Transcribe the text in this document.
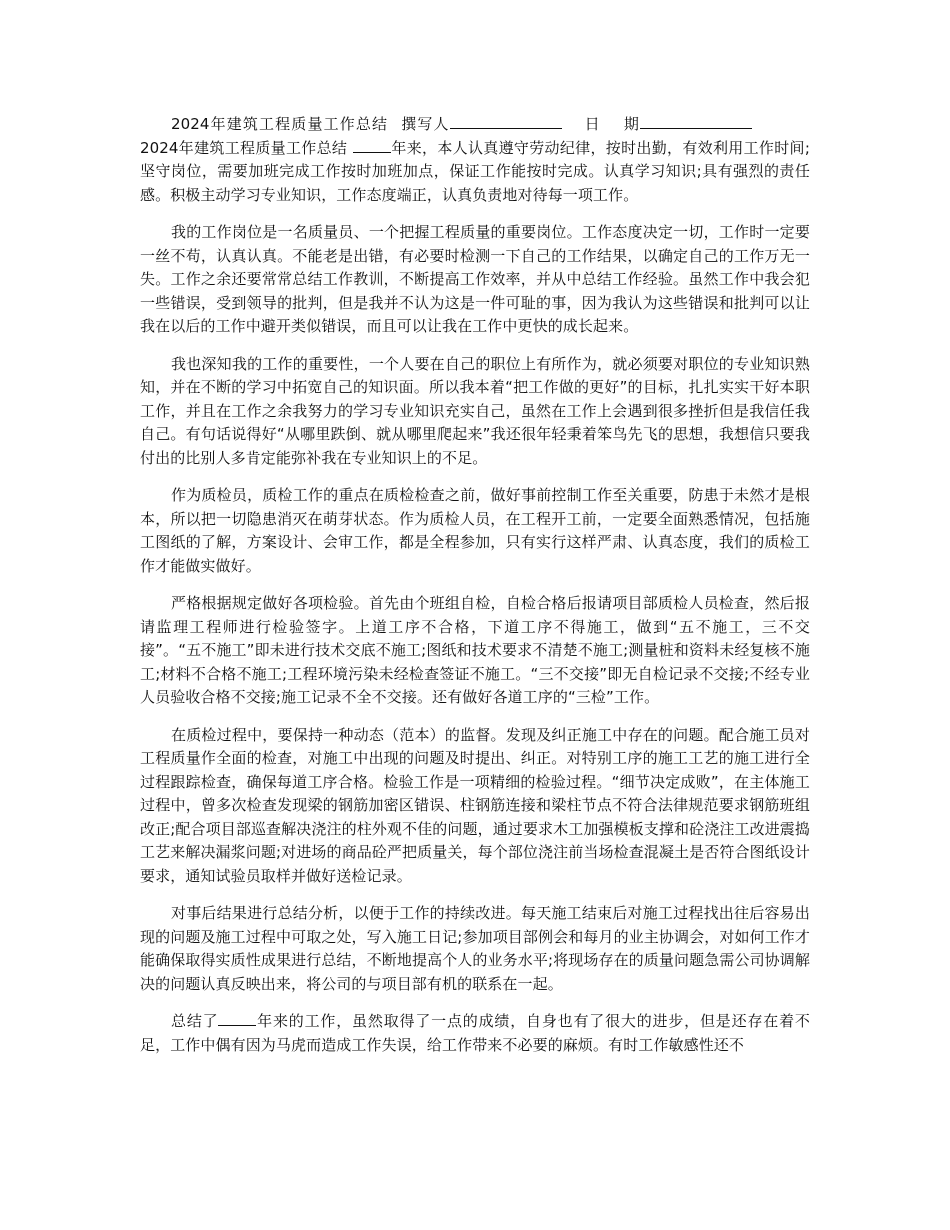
2024年建筑工程质量工作总结 撰写人	日 期2024年建筑工程质量工作总结	年来，本人认真遵守劳动纪律，按时出勤，有效利用工作时间;坚守岗位，需要加班完成工作按时加班加点，保证工作能按时完成。认真学习知识;具有强烈的责任感。积极主动学习专业知识，工作态度端正，认真负责地对待每一项工作。

我的工作岗位是一名质量员、一个把握工程质量的重要岗位。工作态度决定一切，工作时一定要一丝不苟，认真认真。不能老是出错，有必要时检测一下自己的工作结果，以确定自己的工作万无一失。工作之余还要常常总结工作教训，不断提高工作效率，并从中总结工作经验。虽然工作中我会犯一些错误，受到领导的批判，但是我并不认为这是一件可耻的事，因为我认为这些错误和批判可以让我在以后的工作中避开类似错误，而且可以让我在工作中更快的成长起来。

我也深知我的工作的重要性，一个人要在自己的职位上有所作为，就必须要对职位的专业知识熟知，并在不断的学习中拓宽自己的知识面。所以我本着“把工作做的更好”的目标，扎扎实实干好本职工作，并且在工作之余我努力的学习专业知识充实自己，虽然在工作上会遇到很多挫折但是我信任我自己。有句话说得好“从哪里跌倒、就从哪里爬起来”我还很年轻秉着笨鸟先飞的思想，我想信只要我付出的比别人多肯定能弥补我在专业知识上的不足。

作为质检员，质检工作的重点在质检检查之前，做好事前控制工作至关重要，防患于未然才是根本，所以把一切隐患消灭在萌芽状态。作为质检人员，在工程开工前，一定要全面熟悉情况，包括施工图纸的了解，方案设计、会审工作，都是全程参加，只有实行这样严肃、认真态度，我们的质检工作才能做实做好。

严格根据规定做好各项检验。首先由个班组自检，自检合格后报请项目部质检人员检查，然后报请监理工程师进行检验签字。上道工序不合格，下道工序不得施工，做到“五不施工，三不交接”。“五不施工”即未进行技术交底不施工;图纸和技术要求不清楚不施工;测量桩和资料未经复核不施工;材料不合格不施工;工程环境污染未经检查签证不施工。“三不交接”即无自检记录不交接;不经专业人员验收合格不交接;施工记录不全不交接。还有做好各道工序的“三检”工作。

在质检过程中，要保持一种动态（范本）的监督。发现及纠正施工中存在的问题。配合施工员对工程质量作全面的检查，对施工中出现的问题及时提出、纠正。对特别工序的施工工艺的施工进行全过程跟踪检查，确保每道工序合格。检验工作是一项精细的检验过程。“细节决定成败”，在主体施工过程中，曾多次检查发现梁的钢筋加密区错误、柱钢筋连接和梁柱节点不符合法律规范要求钢筋班组改正;配合项目部巡查解决浇注的柱外观不佳的问题，通过要求木工加强模板支撑和砼浇注工改进震捣工艺来解决漏浆问题;对进场的商品砼严把质量关，每个部位浇注前当场检查混凝土是否符合图纸设计要求，通知试验员取样并做好送检记录。

对事后结果进行总结分析，以便于工作的持续改进。每天施工结束后对施工过程找出往后容易出现的问题及施工过程中可取之处，写入施工日记;参加项目部例会和每月的业主协调会，对如何工作才能确保取得实质性成果进行总结，不断地提高个人的业务水平;将现场存在的质量问题急需公司协调解决的问题认真反映出来，将公司的与项目部有机的联系在一起。

总结了	年来的工作，虽然取得了一点的成绩，自身也有了很大的进步，但是还存在着不足，工作中偶有因为马虎而造成工作失误，给工作带来不必要的麻烦。有时工作敏感性还不
